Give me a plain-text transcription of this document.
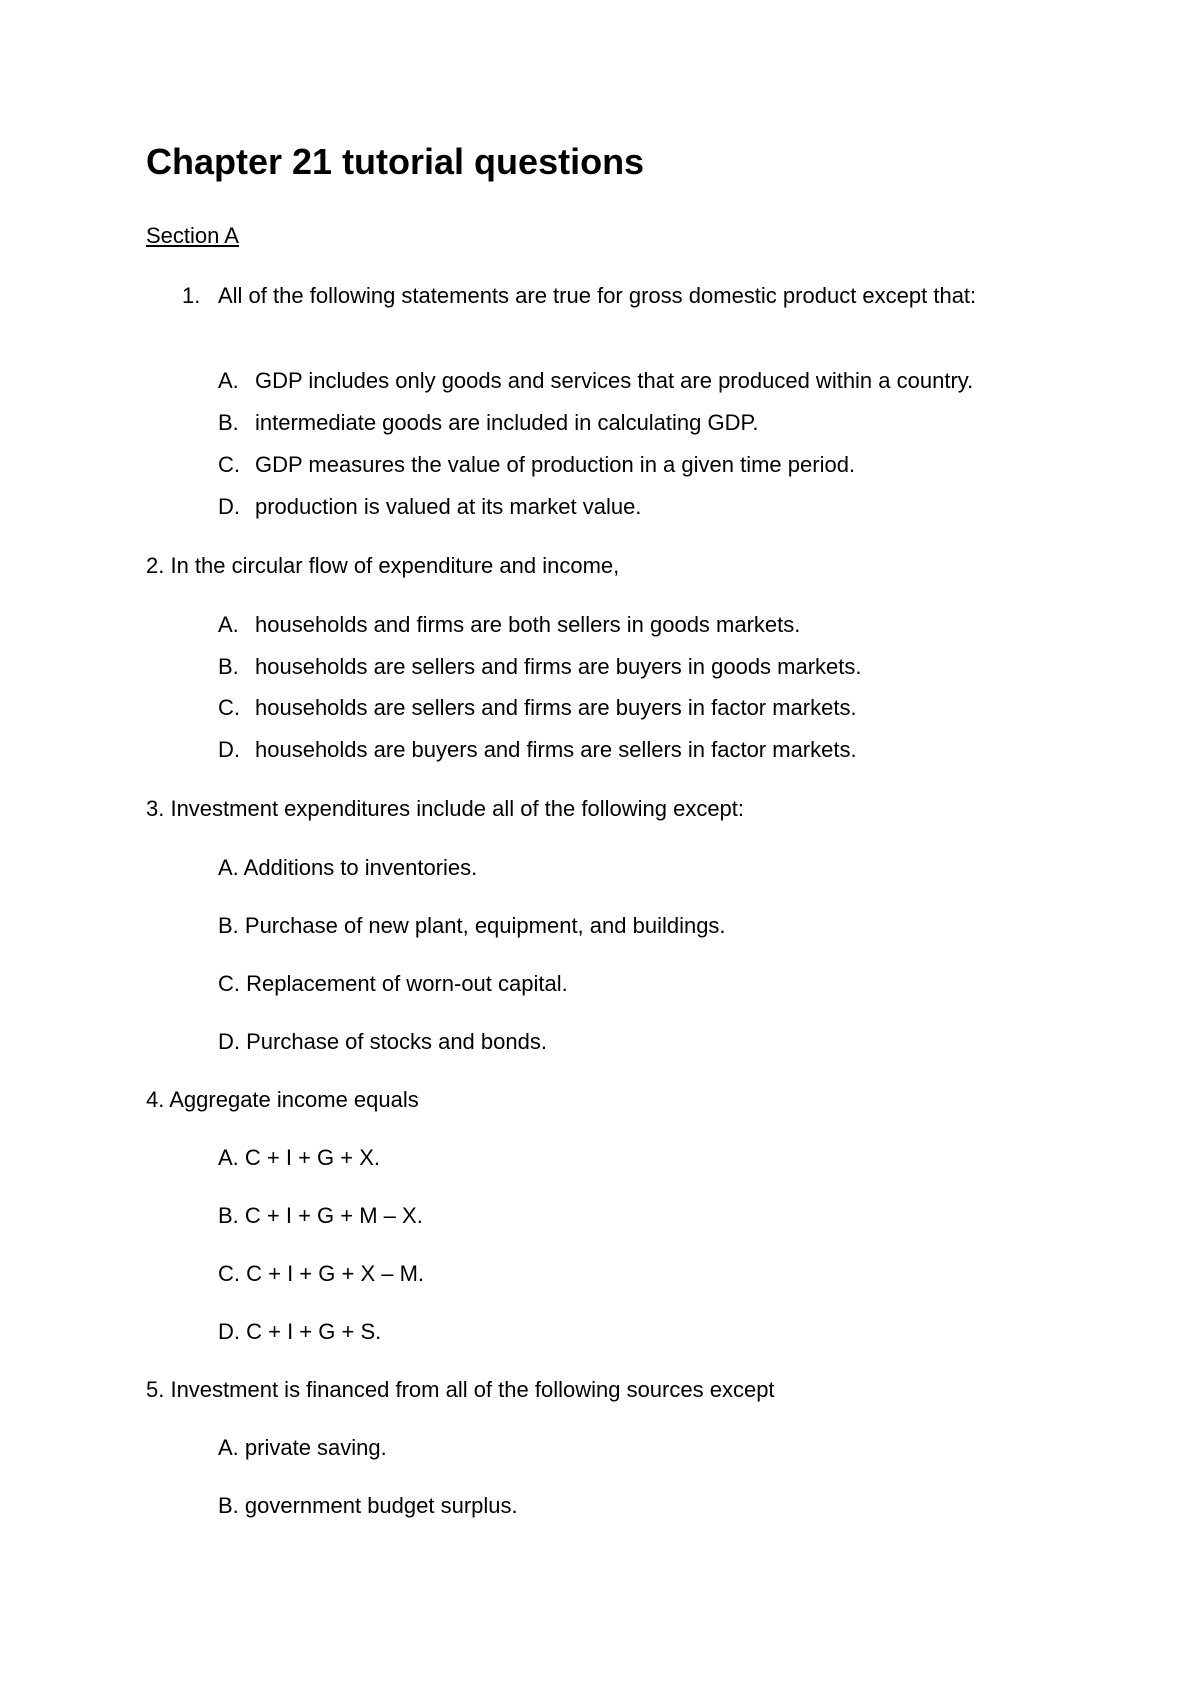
Chapter 21 tutorial questions
Section A
1. All of the following statements are true for gross domestic product except that:
A. GDP includes only goods and services that are produced within a country.
B. intermediate goods are included in calculating GDP.
C. GDP measures the value of production in a given time period.
D. production is valued at its market value.
2. In the circular flow of expenditure and income,
A. households and firms are both sellers in goods markets.
B. households are sellers and firms are buyers in goods markets.
C. households are sellers and firms are buyers in factor markets.
D. households are buyers and firms are sellers in factor markets.
3. Investment expenditures include all of the following except:
A. Additions to inventories.
B. Purchase of new plant, equipment, and buildings.
C. Replacement of worn-out capital.
D. Purchase of stocks and bonds.
4. Aggregate income equals
A. C + I + G + X.
B. C + I + G + M – X.
C. C + I + G + X – M.
D. C + I + G + S.
5. Investment is financed from all of the following sources except
A. private saving.
B. government budget surplus.
